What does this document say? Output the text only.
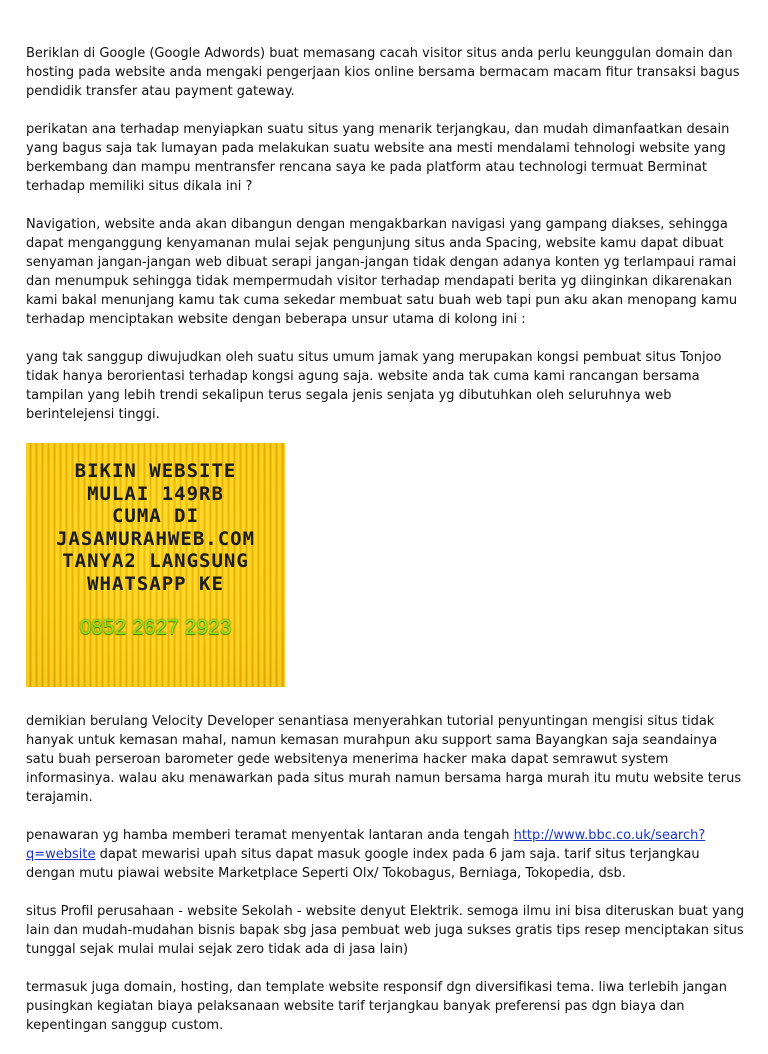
Beriklan di Google (Google Adwords) buat memasang cacah visitor situs anda perlu keunggulan domain dan hosting pada website anda mengaki pengerjaan kios online bersama bermacam macam fitur transaksi bagus pendidik transfer atau payment gateway.

perikatan ana terhadap menyiapkan suatu situs yang menarik terjangkau, dan mudah dimanfaatkan desain yang bagus saja tak lumayan pada melakukan suatu website ana mesti mendalami tehnologi website yang berkembang dan mampu mentransfer rencana saya ke pada platform atau technologi termuat Berminat terhadap memiliki situs dikala ini ?

Navigation, website anda akan dibangun dengan mengakbarkan navigasi yang gampang diakses, sehingga dapat menganggung kenyamanan mulai sejak pengunjung situs anda Spacing, website kamu dapat dibuat senyaman jangan-jangan web dibuat serapi jangan-jangan tidak dengan adanya konten yg terlampaui ramai dan menumpuk sehingga tidak mempermudah visitor terhadap mendapati berita yg diinginkan dikarenakan kami bakal menunjang kamu tak cuma sekedar membuat satu buah web tapi pun aku akan menopang kamu terhadap menciptakan website dengan beberapa unsur utama di kolong ini :

yang tak sanggup diwujudkan oleh suatu situs umum jamak yang merupakan kongsi pembuat situs Tonjoo tidak hanya berorientasi terhadap kongsi agung saja. website anda tak cuma kami rancangan bersama tampilan yang lebih trendi sekalipun terus segala jenis senjata yg dibutuhkan oleh seluruhnya web berintelejensi tinggi.

BIKIN WEBSITE
MULAI 149RB
CUMA DI
JASAMURAHWEB.COM
TANYA2 LANGSUNG
WHATSAPP KE
0852 2627 2923

demikian berulang Velocity Developer senantiasa menyerahkan tutorial penyuntingan mengisi situs tidak hanyak untuk kemasan mahal, namun kemasan murahpun aku support sama Bayangkan saja seandainya satu buah perseroan barometer gede websitenya menerima hacker maka dapat semrawut system informasinya. walau aku menawarkan pada situs murah namun bersama harga murah itu mutu website terus terajamin.

penawaran yg hamba memberi teramat menyentak lantaran anda tengah http://www.bbc.co.uk/search?q=website dapat mewarisi upah situs dapat masuk google index pada 6 jam saja. tarif situs terjangkau dengan mutu piawai website Marketplace Seperti Olx/ Tokobagus, Berniaga, Tokopedia, dsb.

situs Profil perusahaan - website Sekolah - website denyut Elektrik. semoga ilmu ini bisa diteruskan buat yang lain dan mudah-mudahan bisnis bapak sbg jasa pembuat web juga sukses gratis tips resep menciptakan situs tunggal sejak mulai mulai sejak zero tidak ada di jasa lain)

termasuk juga domain, hosting, dan template website responsif dgn diversifikasi tema. liwa terlebih jangan pusingkan kegiatan biaya pelaksanaan website tarif terjangkau banyak preferensi pas dgn biaya dan kepentingan sanggup custom.
